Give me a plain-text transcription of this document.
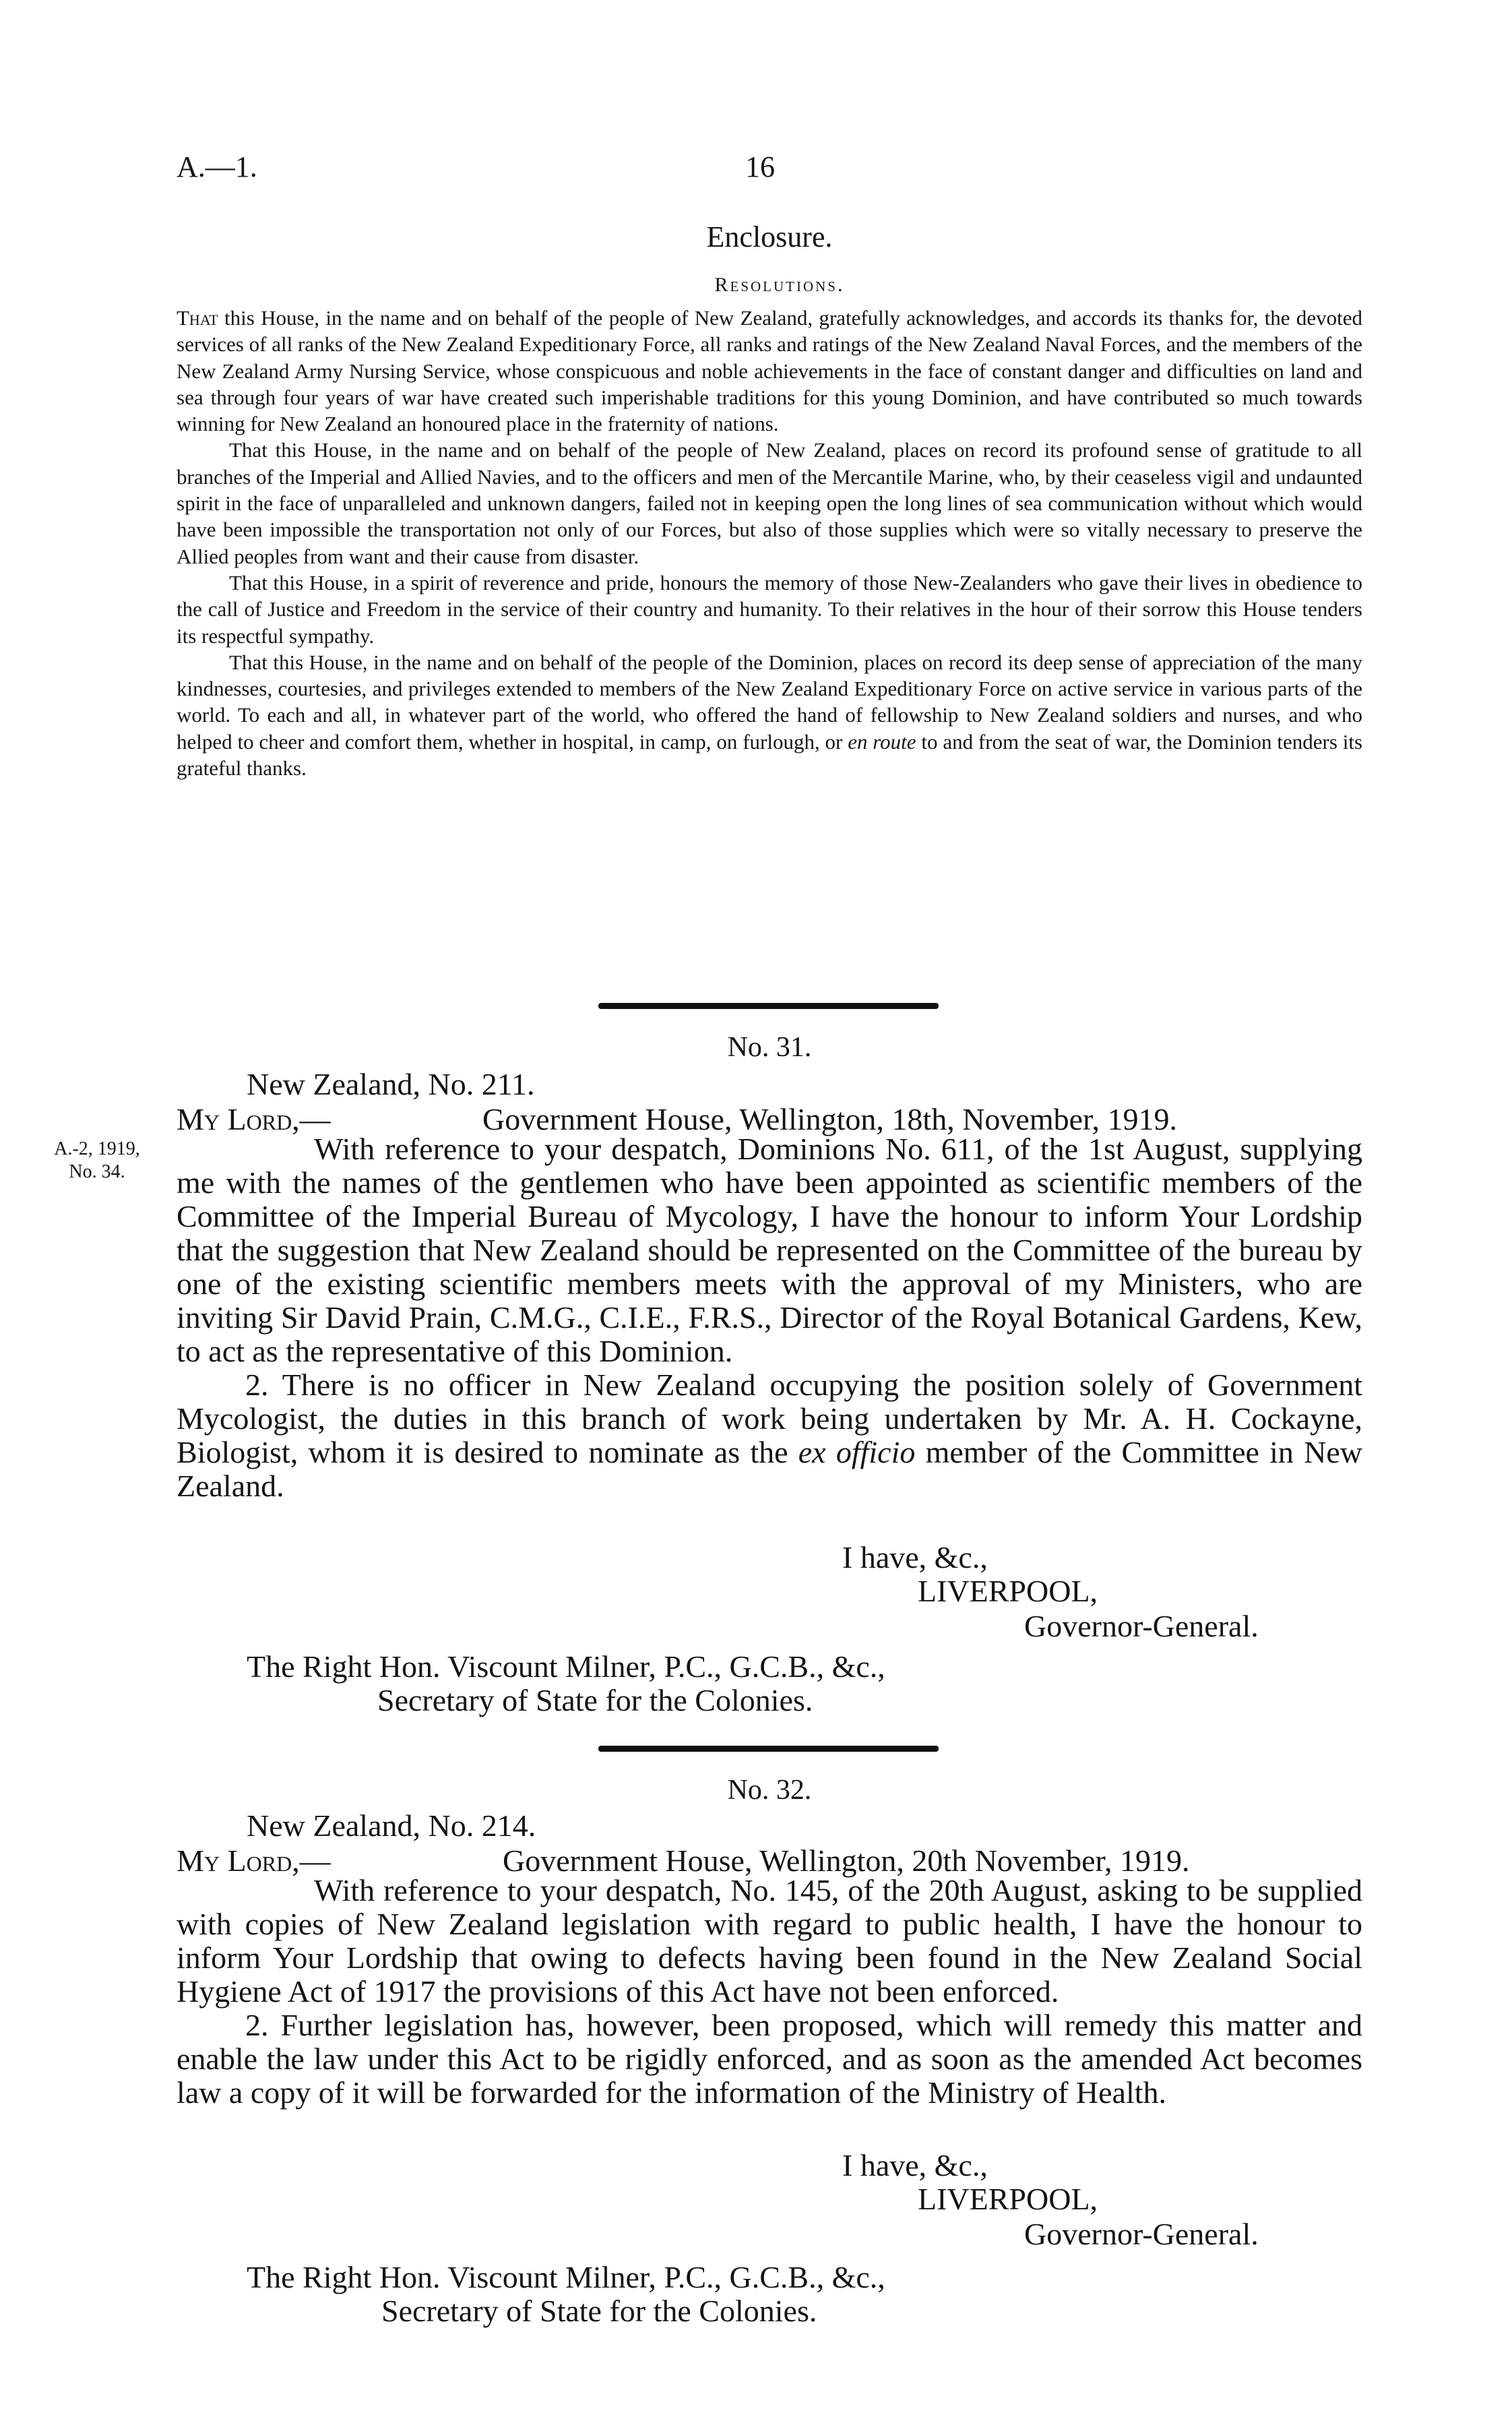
A.—1.	16
Enclosure.
Resolutions.

That this House, in the name and on behalf of the people of New Zealand, gratefully acknowledges, and accords its thanks for, the devoted services of all ranks of the New Zealand Expeditionary Force, all ranks and ratings of the New Zealand Naval Forces, and the members of the New Zealand Army Nursing Service, whose conspicuous and noble achievements in the face of constant danger and difficulties on land and sea through four years of war have created such imperishable traditions for this young Dominion, and have contributed so much towards winning for New Zealand an honoured place in the fraternity of nations.

That this House, in the name and on behalf of the people of New Zealand, places on record its profound sense of gratitude to all branches of the Imperial and Allied Navies, and to the officers and men of the Mercantile Marine, who, by their ceaseless vigil and undaunted spirit in the face of unparalleled and unknown dangers, failed not in keeping open the long lines of sea communication without which would have been impossible the transportation not only of our Forces, but also of those supplies which were so vitally necessary to preserve the Allied peoples from want and their cause from disaster.

That this House, in a spirit of reverence and pride, honours the memory of those New-Zealanders who gave their lives in obedience to the call of Justice and Freedom in the service of their country and humanity. To their relatives in the hour of their sorrow this House tenders its respectful sympathy.

That this House, in the name and on behalf of the people of the Dominion, places on record its deep sense of appreciation of the many kindnesses, courtesies, and privileges extended to members of the New Zealand Expeditionary Force on active service in various parts of the world. To each and all, in whatever part of the world, who offered the hand of fellowship to New Zealand soldiers and nurses, and who helped to cheer and comfort them, whether in hospital, in camp, on furlough, or en route to and from the seat of war, the Dominion tenders its grateful thanks.

No. 31.
New Zealand, No. 211.
My Lord,—	Government House, Wellington, 18th, November, 1919.
A.-2, 1919,
No. 34.

With reference to your despatch, Dominions No. 611, of the 1st August, supplying me with the names of the gentlemen who have been appointed as scientific members of the Committee of the Imperial Bureau of Mycology, I have the honour to inform Your Lordship that the suggestion that New Zealand should be represented on the Committee of the bureau by one of the existing scientific members meets with the approval of my Ministers, who are inviting Sir David Prain, C.M.G., C.I.E., F.R.S., Director of the Royal Botanical Gardens, Kew, to act as the representative of this Dominion.

2. There is no officer in New Zealand occupying the position solely of Government Mycologist, the duties in this branch of work being undertaken by Mr. A. H. Cockayne, Biologist, whom it is desired to nominate as the ex officio member of the Committee in New Zealand.

I have, &c.,
LIVERPOOL,
Governor-General.
The Right Hon. Viscount Milner, P.C., G.C.B., &c.,
Secretary of State for the Colonies.
No. 32.
New Zealand, No. 214.
My Lord,—	Government House, Wellington, 20th November, 1919.

With reference to your despatch, No. 145, of the 20th August, asking to be supplied with copies of New Zealand legislation with regard to public health, I have the honour to inform Your Lordship that owing to defects having been found in the New Zealand Social Hygiene Act of 1917 the provisions of this Act have not been enforced.

2. Further legislation has, however, been proposed, which will remedy this matter and enable the law under this Act to be rigidly enforced, and as soon as the amended Act becomes law a copy of it will be forwarded for the information of the Ministry of Health.

I have, &c.,
LIVERPOOL,
Governor-General.
The Right Hon. Viscount Milner, P.C., G.C.B., &c.,
Secretary of State for the Colonies.
